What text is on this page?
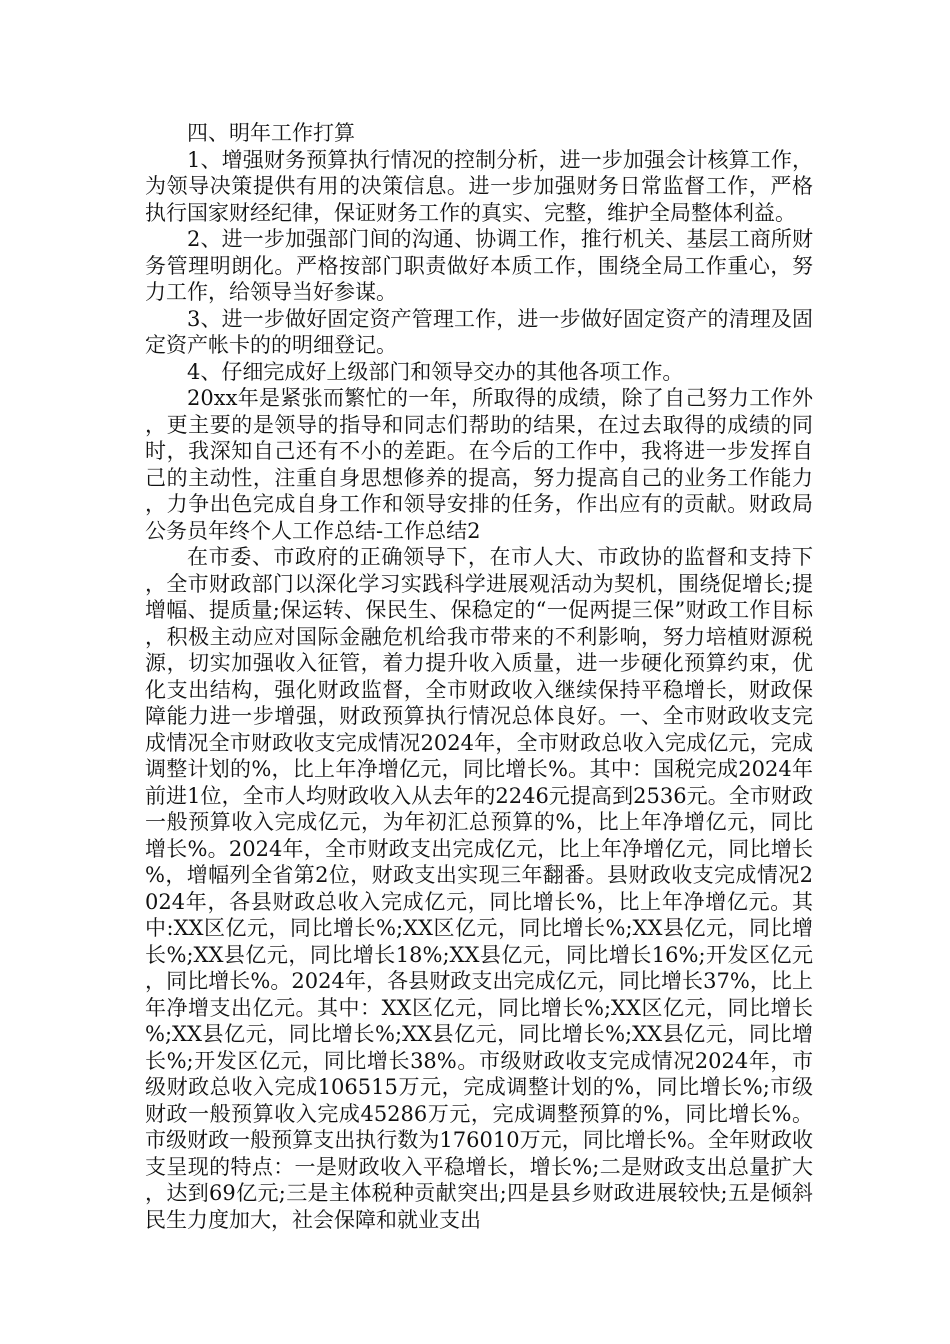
四、明年工作打算

1、增强财务预算执行情况的控制分析，进一步加强会计核算工作，为领导决策提供有用的决策信息。进一步加强财务日常监督工作，严格执行国家财经纪律，保证财务工作的真实、完整，维护全局整体利益。

2、进一步加强部门间的沟通、协调工作，推行机关、基层工商所财务管理明朗化。严格按部门职责做好本质工作，围绕全局工作重心，努力工作，给领导当好参谋。

3、进一步做好固定资产管理工作，进一步做好固定资产的清理及固定资产帐卡的的明细登记。

4、仔细完成好上级部门和领导交办的其他各项工作。

20xx年是紧张而繁忙的一年，所取得的成绩，除了自己努力工作外，更主要的是领导的指导和同志们帮助的结果，在过去取得的成绩的同时，我深知自己还有不小的差距。在今后的工作中，我将进一步发挥自己的主动性，注重自身思想修养的提高，努力提高自己的业务工作能力，力争出色完成自身工作和领导安排的任务，作出应有的贡献。财政局公务员年终个人工作总结-工作总结2

在市委、市政府的正确领导下，在市人大、市政协的监督和支持下，全市财政部门以深化学习实践科学进展观活动为契机，围绕促增长;提增幅、提质量;保运转、保民生、保稳定的“一促两提三保”财政工作目标，积极主动应对国际金融危机给我市带来的不利影响，努力培植财源税源，切实加强收入征管，着力提升收入质量，进一步硬化预算约束，优化支出结构，强化财政监督，全市财政收入继续保持平稳增长，财政保障能力进一步增强，财政预算执行情况总体良好。一、全市财政收支完成情况全市财政收支完成情况2024年，全市财政总收入完成亿元，完成调整计划的%，比上年净增亿元，同比增长%。其中：国税完成2024年前进1位，全市人均财政收入从去年的2246元提高到2536元。全市财政一般预算收入完成亿元，为年初汇总预算的%，比上年净增亿元，同比增长%。2024年，全市财政支出完成亿元，比上年净增亿元，同比增长%，增幅列全省第2位，财政支出实现三年翻番。县财政收支完成情况2024年，各县财政总收入完成亿元，同比增长%，比上年净增亿元。其中:XX区亿元，同比增长%;XX区亿元，同比增长%;XX县亿元，同比增长%;XX县亿元，同比增长18%;XX县亿元，同比增长16%;开发区亿元，同比增长%。2024年，各县财政支出完成亿元，同比增长37%，比上年净增支出亿元。其中：XX区亿元，同比增长%;XX区亿元，同比增长%;XX县亿元，同比增长%;XX县亿元，同比增长%;XX县亿元，同比增长%;开发区亿元，同比增长38%。市级财政收支完成情况2024年，市级财政总收入完成106515万元，完成调整计划的%，同比增长%;市级财政一般预算收入完成45286万元，完成调整预算的%，同比增长%。市级财政一般预算支出执行数为176010万元，同比增长%。全年财政收支呈现的特点：一是财政收入平稳增长，增长%;二是财政支出总量扩大，达到69亿元;三是主体税种贡献突出;四是县乡财政进展较快;五是倾斜民生力度加大，社会保障和就业支出
